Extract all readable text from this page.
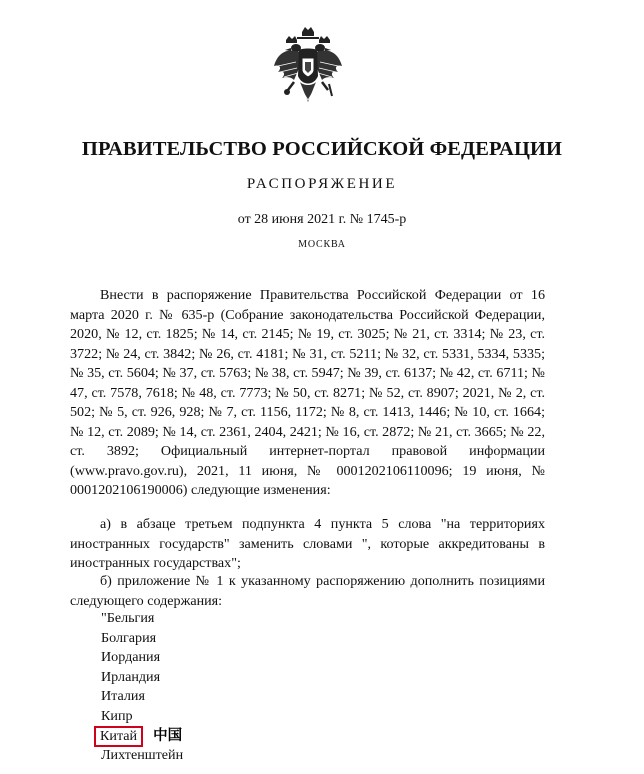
ПРАВИТЕЛЬСТВО РОССИЙСКОЙ ФЕДЕРАЦИИ
РАСПОРЯЖЕНИЕ
от 28 июня 2021 г. № 1745-р
МОСКВА

Внести в распоряжение Правительства Российской Федерации от 16 марта 2020 г. № 635-р (Собрание законодательства Российской Федерации, 2020, № 12, ст. 1825; № 14, ст. 2145; № 19, ст. 3025; № 21, ст. 3314; № 23, ст. 3722; № 24, ст. 3842; № 26, ст. 4181; № 31, ст. 5211; № 32, ст. 5331, 5334, 5335; № 35, ст. 5604; № 37, ст. 5763; № 38, ст. 5947; № 39, ст. 6137; № 42, ст. 6711; № 47, ст. 7578, 7618; № 48, ст. 7773; № 50, ст. 8271; № 52, ст. 8907; 2021, № 2, ст. 502; № 5, ст. 926, 928; № 7, ст. 1156, 1172; № 8, ст. 1413, 1446; № 10, ст. 1664; № 12, ст. 2089; № 14, ст. 2361, 2404, 2421; № 16, ст. 2872; № 21, ст. 3665; № 22, ст. 3892; Официальный интернет-портал правовой информации (www.pravo.gov.ru), 2021, 11 июня, № 0001202106110096; 19 июня, № 0001202106190006) следующие изменения:

а) в абзаце третьем подпункта 4 пункта 5 слова "на территориях иностранных государств" заменить словами ", которые аккредитованы в иностранных государствах";

б) приложение № 1 к указанному распоряжению дополнить позициями следующего содержания:

"Бельгия
Болгария
Иордания
Ирландия
Италия
Кипр
Китай 中国
Лихтенштейн
